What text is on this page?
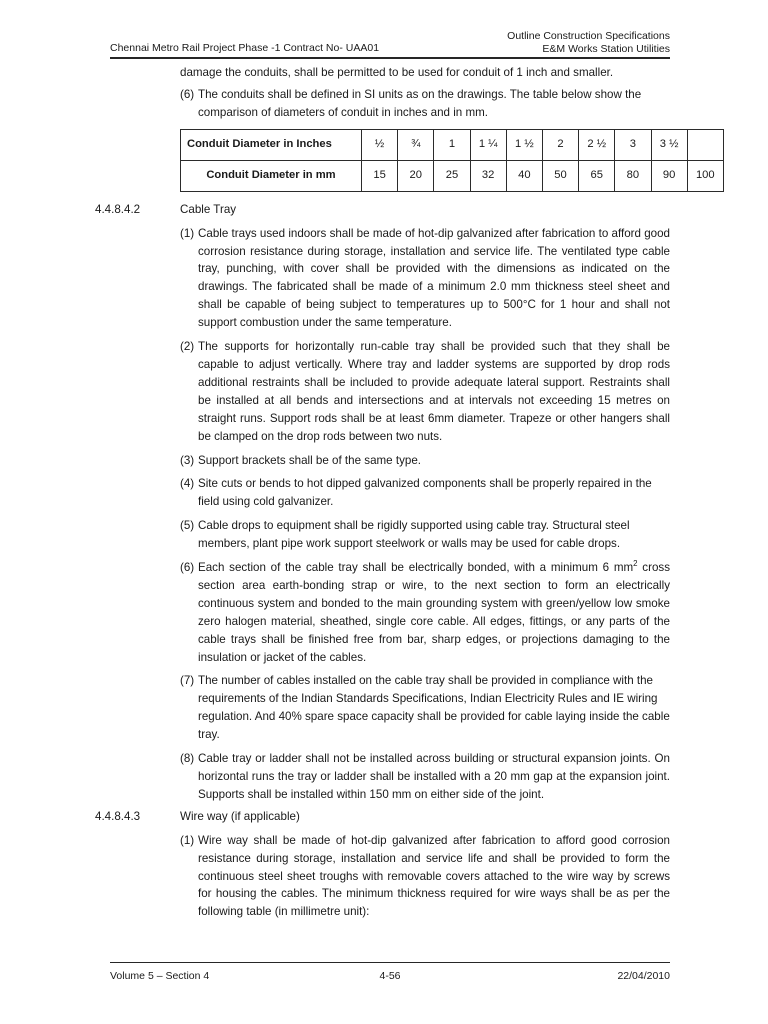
Chennai Metro Rail Project Phase -1 Contract No- UAA01
Outline Construction Specifications
E&M Works Station Utilities
damage the conduits, shall be permitted to be used for conduit of 1 inch and smaller.
(6) The conduits shall be defined in SI units as on the drawings. The table below show the comparison of diameters of conduit in inches and in mm.
Conduit Diameter in Inches	½	¾	1	1 ¼	1 ½	2	2 ½	3	3 ½	
Conduit Diameter in mm	15	20	25	32	40	50	65	80	90	100
4.4.8.4.2	Cable Tray
(1) Cable trays used indoors shall be made of hot-dip galvanized after fabrication to afford good corrosion resistance during storage, installation and service life. The ventilated type cable tray, punching, with cover shall be provided with the dimensions as indicated on the drawings. The fabricated shall be made of a minimum 2.0 mm thickness steel sheet and shall be capable of being subject to temperatures up to 500°C for 1 hour and shall not support combustion under the same temperature.
(2) The supports for horizontally run-cable tray shall be provided such that they shall be capable to adjust vertically. Where tray and ladder systems are supported by drop rods additional restraints shall be included to provide adequate lateral support. Restraints shall be installed at all bends and intersections and at intervals not exceeding 15 metres on straight runs. Support rods shall be at least 6mm diameter. Trapeze or other hangers shall be clamped on the drop rods between two nuts.
(3) Support brackets shall be of the same type.
(4) Site cuts or bends to hot dipped galvanized components shall be properly repaired in the field using cold galvanizer.
(5) Cable drops to equipment shall be rigidly supported using cable tray. Structural steel members, plant pipe work support steelwork or walls may be used for cable drops.
(6) Each section of the cable tray shall be electrically bonded, with a minimum 6 $mm^2$ cross section area earth-bonding strap or wire, to the next section to form an electrically continuous system and bonded to the main grounding system with green/yellow low smoke zero halogen material, sheathed, single core cable. All edges, fittings, or any parts of the cable trays shall be finished free from bar, sharp edges, or projections damaging to the insulation or jacket of the cables.
(7) The number of cables installed on the cable tray shall be provided in compliance with the requirements of the Indian Standards Specifications, Indian Electricity Rules and IE wiring regulation. And 40% spare space capacity shall be provided for cable laying inside the cable tray.
(8) Cable tray or ladder shall not be installed across building or structural expansion joints. On horizontal runs the tray or ladder shall be installed with a 20 mm gap at the expansion joint. Supports shall be installed within 150 mm on either side of the joint.
4.4.8.4.3	Wire way (if applicable)
(1) Wire way shall be made of hot-dip galvanized after fabrication to afford good corrosion resistance during storage, installation and service life and shall be provided to form the continuous steel sheet troughs with removable covers attached to the wire way by screws for housing the cables. The minimum thickness required for wire ways shall be as per the following table (in millimetre unit):
Volume 5 – Section 4	4-56	22/04/2010
